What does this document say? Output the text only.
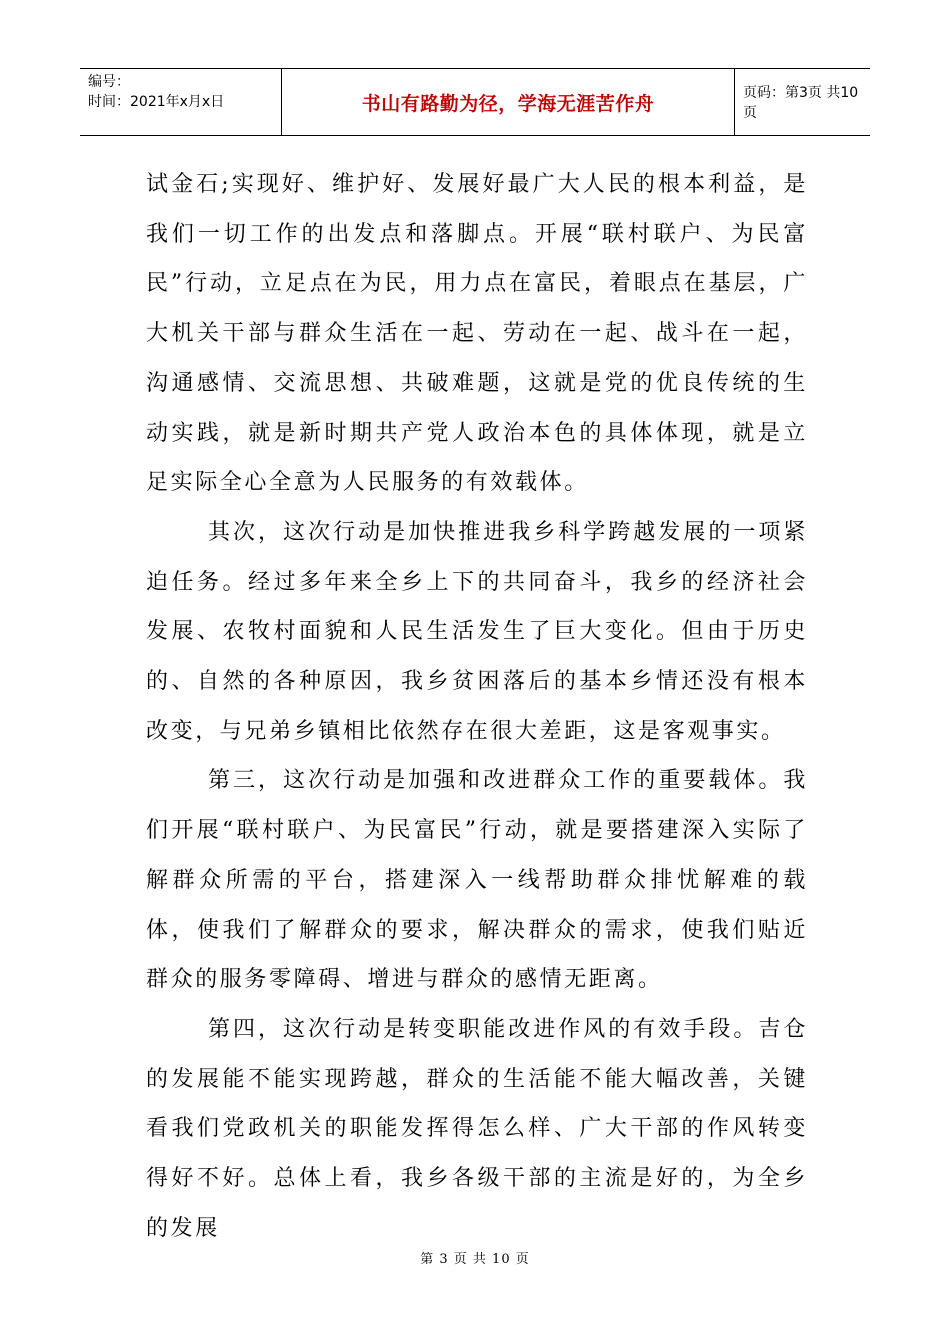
编号：
时间：2021年x月x日	书山有路勤为径，学海无涯苦作舟	页码：第3页 共10页

试金石;实现好、维护好、发展好最广大人民的根本利益，是我们一切工作的出发点和落脚点。开展“联村联户、为民富民”行动，立足点在为民，用力点在富民，着眼点在基层，广大机关干部与群众生活在一起、劳动在一起、战斗在一起，沟通感情、交流思想、共破难题，这就是党的优良传统的生动实践，就是新时期共产党人政治本色的具体体现，就是立足实际全心全意为人民服务的有效载体。

其次，这次行动是加快推进我乡科学跨越发展的一项紧迫任务。经过多年来全乡上下的共同奋斗，我乡的经济社会发展、农牧村面貌和人民生活发生了巨大变化。但由于历史的、自然的各种原因，我乡贫困落后的基本乡情还没有根本改变，与兄弟乡镇相比依然存在很大差距，这是客观事实。

第三，这次行动是加强和改进群众工作的重要载体。我们开展“联村联户、为民富民”行动，就是要搭建深入实际了解群众所需的平台，搭建深入一线帮助群众排忧解难的载体，使我们了解群众的要求，解决群众的需求，使我们贴近群众的服务零障碍、增进与群众的感情无距离。

第四，这次行动是转变职能改进作风的有效手段。吉仓的发展能不能实现跨越，群众的生活能不能大幅改善，关键看我们党政机关的职能发挥得怎么样、广大干部的作风转变得好不好。总体上看，我乡各级干部的主流是好的，为全乡的发展

第 3 页 共 10 页
